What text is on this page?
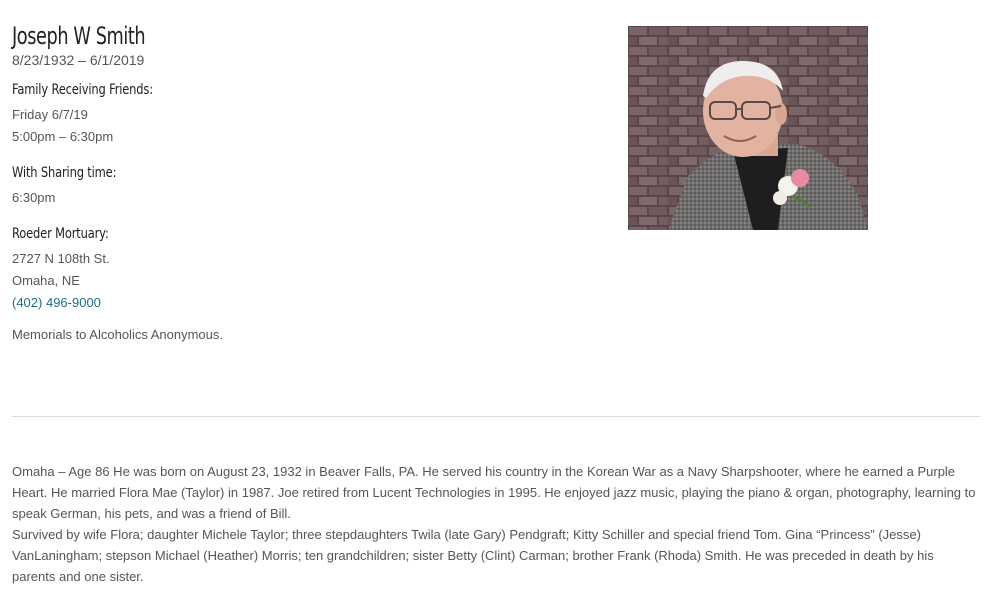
Joseph W Smith
8/23/1932 – 6/1/2019
Family Receiving Friends:
Friday 6/7/19
5:00pm – 6:30pm
With Sharing time:
6:30pm
Roeder Mortuary:
2727 N 108th St.
Omaha, NE
(402) 496-9000
Memorials to Alcoholics Anonymous.

Omaha – Age 86 He was born on August 23, 1932 in Beaver Falls, PA. He served his country in the Korean War as a Navy Sharpshooter, where he earned a Purple Heart. He married Flora Mae (Taylor) in 1987. Joe retired from Lucent Technologies in 1995. He enjoyed jazz music, playing the piano & organ, photography, learning to speak German, his pets, and was a friend of Bill.

Survived by wife Flora; daughter Michele Taylor; three stepdaughters Twila (late Gary) Pendgraft; Kitty Schiller and special friend Tom. Gina “Princess” (Jesse) VanLaningham; stepson Michael (Heather) Morris; ten grandchildren; sister Betty (Clint) Carman; brother Frank (Rhoda) Smith. He was preceded in death by his parents and one sister.
